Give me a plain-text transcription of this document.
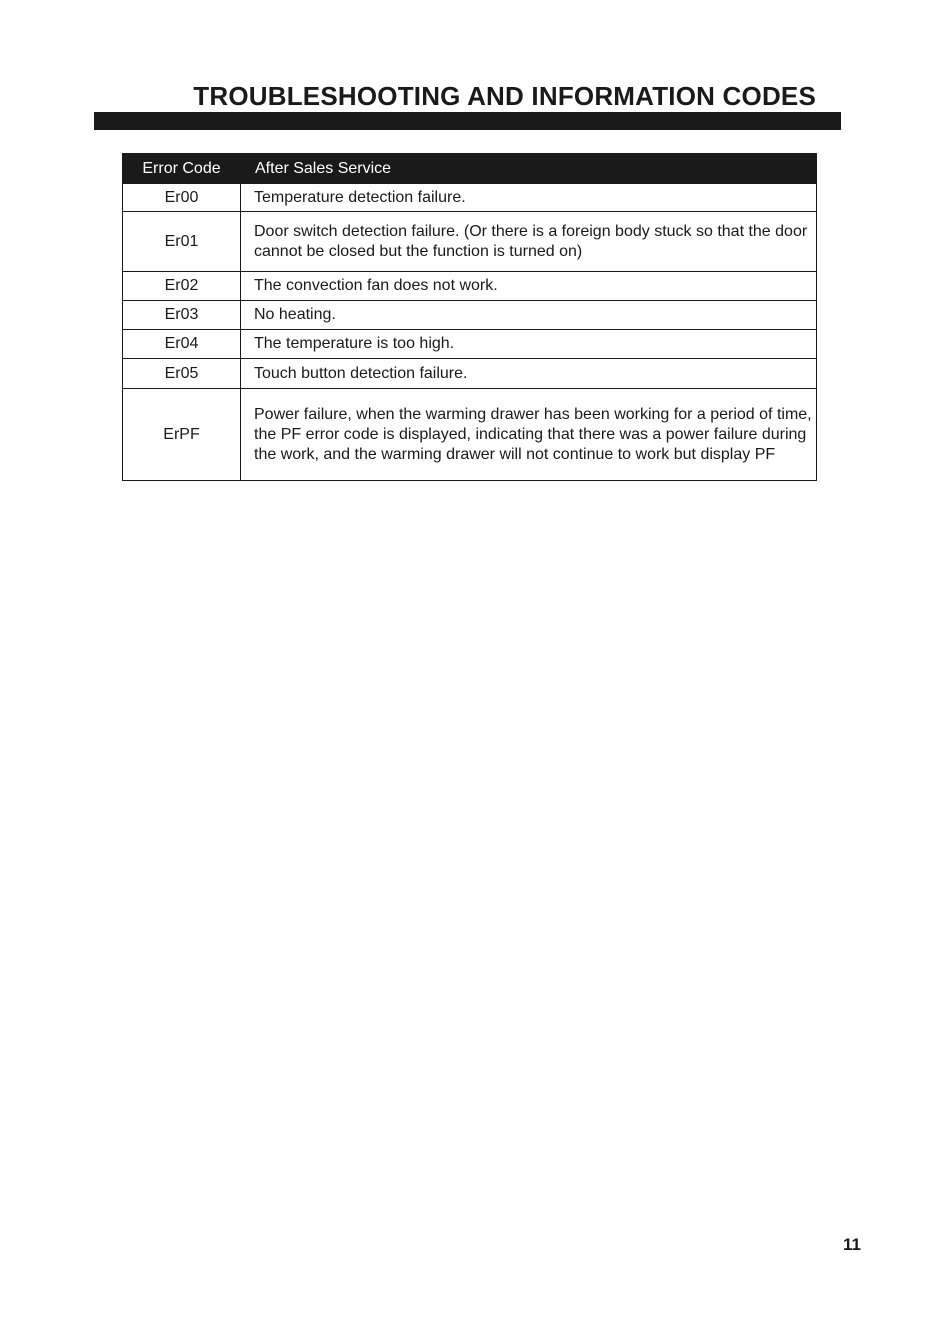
TROUBLESHOOTING AND INFORMATION CODES
Error Code	After Sales Service
Er00	Temperature detection failure.
Er01	Door switch detection failure. (Or there is a foreign body stuck so that the door cannot be closed but the function is turned on)
Er02	The convection fan does not work.
Er03	No heating.
Er04	The temperature is too high.
Er05	Touch button detection failure.
ErPF	Power failure, when the warming drawer has been working for a period of time, the PF error code is displayed, indicating that there was a power failure during the work, and the warming drawer will not continue to work but display PF
11
